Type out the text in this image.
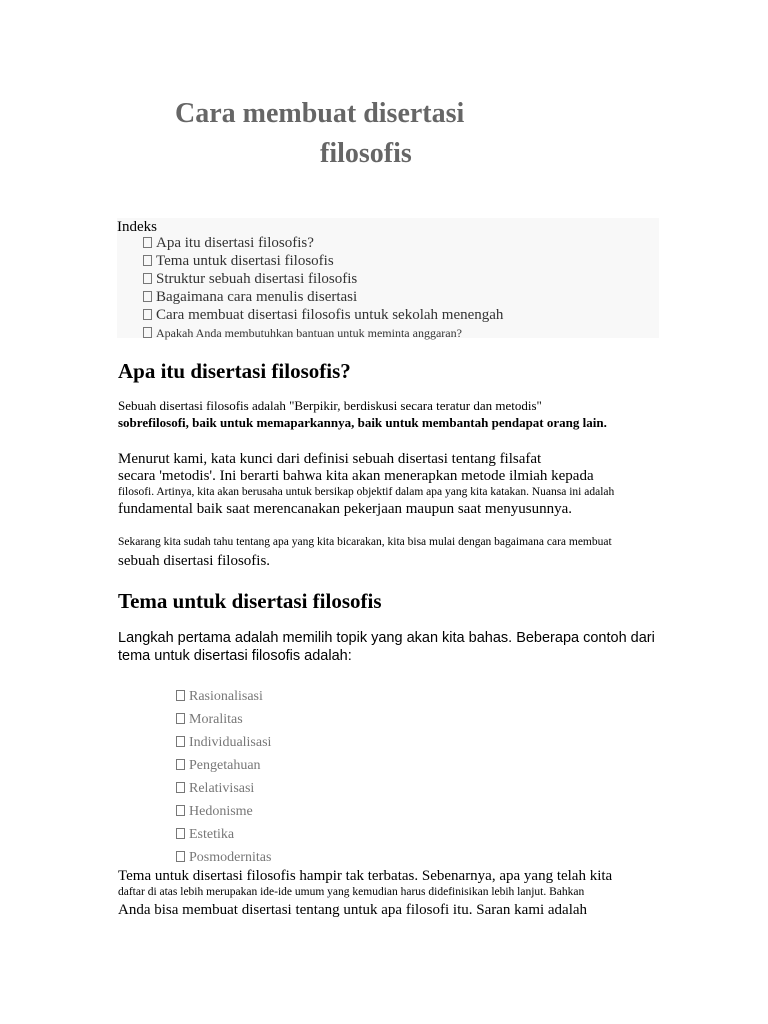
Cara membuat disertasi
filosofis
Indeks
Apa itu disertasi filosofis?
Tema untuk disertasi filosofis
Struktur sebuah disertasi filosofis
Bagaimana cara menulis disertasi
Cara membuat disertasi filosofis untuk sekolah menengah
Apakah Anda membutuhkan bantuan untuk meminta anggaran?
Apa itu disertasi filosofis?

Sebuah disertasi filosofis adalah "Berpikir, berdiskusi secara teratur dan metodis"

sobrefilosofi, baik untuk memaparkannya, baik untuk membantah pendapat orang lain.

Menurut kami, kata kunci dari definisi sebuah disertasi tentang filsafat

secara 'metodis'. Ini berarti bahwa kita akan menerapkan metode ilmiah kepada

filosofi. Artinya, kita akan berusaha untuk bersikap objektif dalam apa yang kita katakan. Nuansa ini adalah

fundamental baik saat merencanakan pekerjaan maupun saat menyusunnya.

Sekarang kita sudah tahu tentang apa yang kita bicarakan, kita bisa mulai dengan bagaimana cara membuat

sebuah disertasi filosofis.

Tema untuk disertasi filosofis

Langkah pertama adalah memilih topik yang akan kita bahas. Beberapa contoh dari

tema untuk disertasi filosofis adalah:

Rasionalisasi
Moralitas
Individualisasi
Pengetahuan
Relativisasi
Hedonisme
Estetika
Posmodernitas

Tema untuk disertasi filosofis hampir tak terbatas. Sebenarnya, apa yang telah kita

daftar di atas lebih merupakan ide-ide umum yang kemudian harus didefinisikan lebih lanjut. Bahkan

Anda bisa membuat disertasi tentang untuk apa filosofi itu. Saran kami adalah
